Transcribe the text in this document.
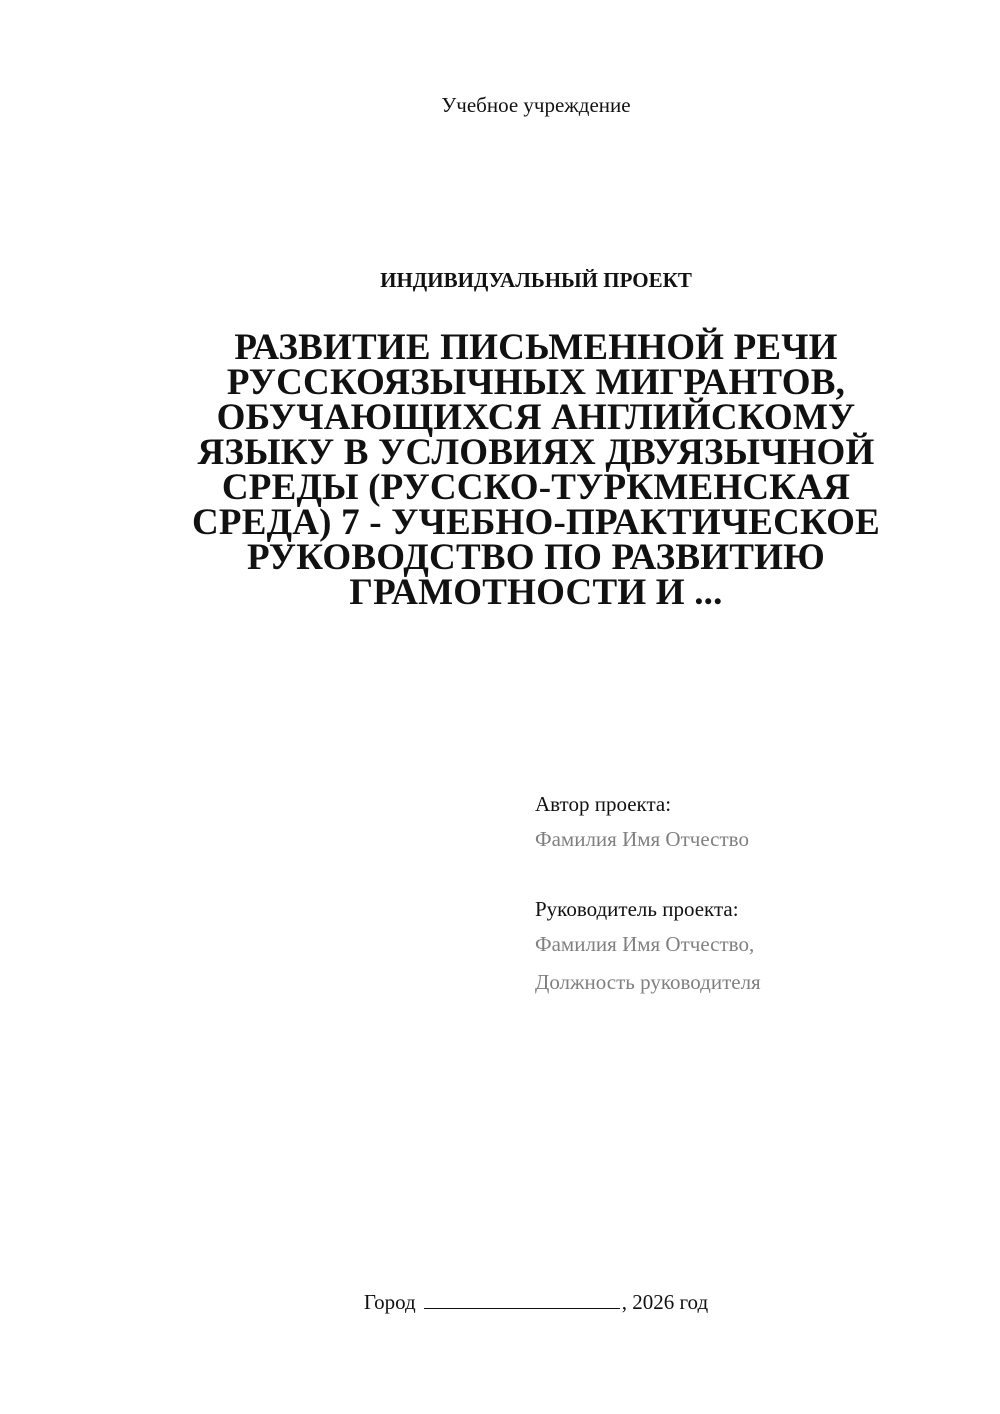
Учебное учреждение
ИНДИВИДУАЛЬНЫЙ ПРОЕКТ
РАЗВИТИЕ ПИСЬМЕННОЙ РЕЧИ РУССКОЯЗЫЧНЫХ МИГРАНТОВ, ОБУЧАЮЩИХСЯ АНГЛИЙСКОМУ ЯЗЫКУ В УСЛОВИЯХ ДВУЯЗЫЧНОЙ СРЕДЫ (РУССКО-ТУРКМЕНСКАЯ СРЕДА) 7 - УЧЕБНО-ПРАКТИЧЕСКОЕ РУКОВОДСТВО ПО РАЗВИТИЮ ГРАМОТНОСТИ И ...
Автор проекта:
Фамилия Имя Отчество
Руководитель проекта:
Фамилия Имя Отчество,
Должность руководителя
Город	, 2026 год
